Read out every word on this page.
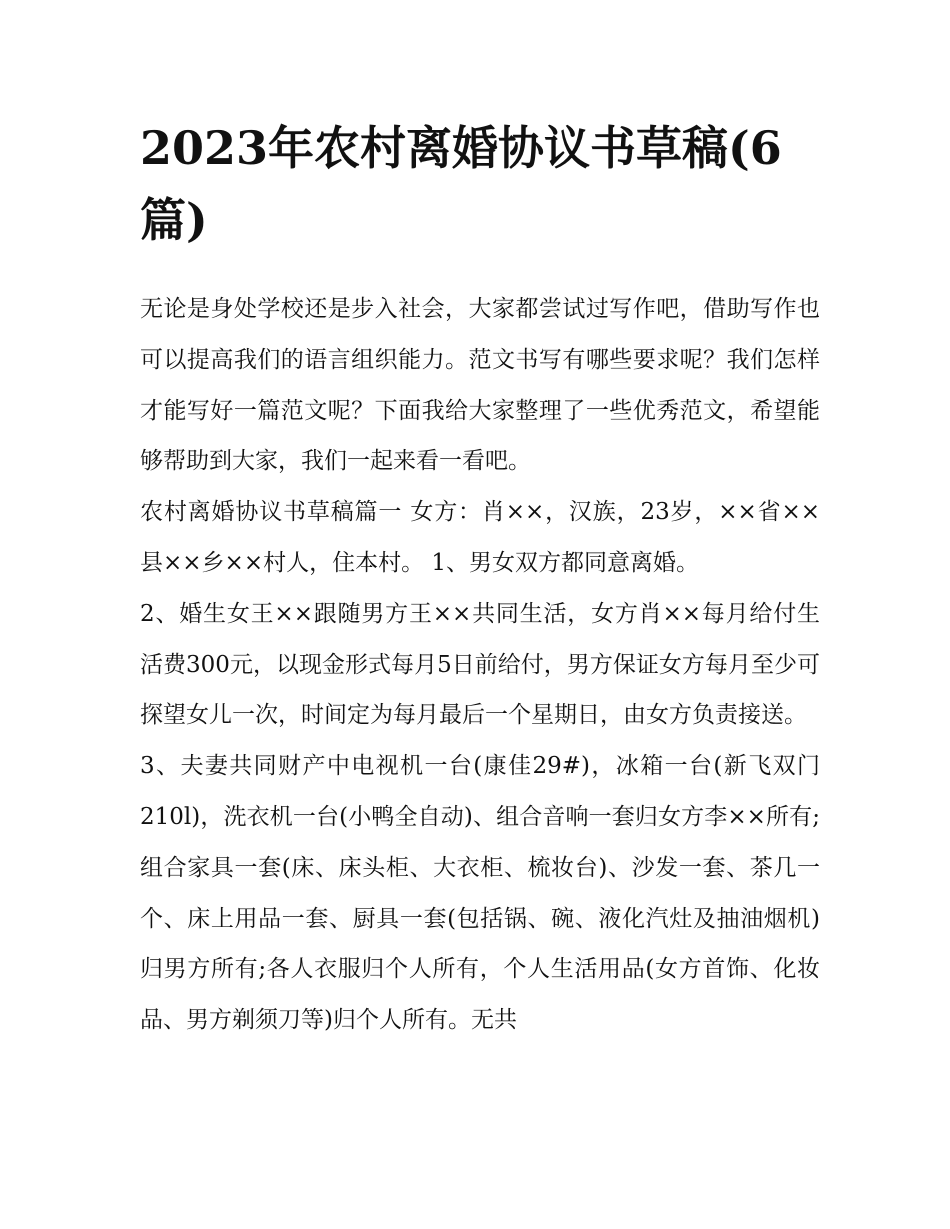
2023年农村离婚协议书草稿(6篇)

无论是身处学校还是步入社会，大家都尝试过写作吧，借助写作也可以提高我们的语言组织能力。范文书写有哪些要求呢？我们怎样才能写好一篇范文呢？下面我给大家整理了一些优秀范文，希望能够帮助到大家，我们一起来看一看吧。

农村离婚协议书草稿篇一 女方：肖××，汉族，23岁，××省××县××乡××村人，住本村。 1、男女双方都同意离婚。

2、婚生女王××跟随男方王××共同生活，女方肖××每月给付生活费300元，以现金形式每月5日前给付，男方保证女方每月至少可探望女儿一次，时间定为每月最后一个星期日，由女方负责接送。

3、夫妻共同财产中电视机一台(康佳29#)，冰箱一台(新飞双门210l)，洗衣机一台(小鸭全自动)、组合音响一套归女方李××所有;组合家具一套(床、床头柜、大衣柜、梳妆台)、沙发一套、茶几一个、床上用品一套、厨具一套(包括锅、碗、液化汽灶及抽油烟机)归男方所有;各人衣服归个人所有，个人生活用品(女方首饰、化妆品、男方剃须刀等)归个人所有。无共
